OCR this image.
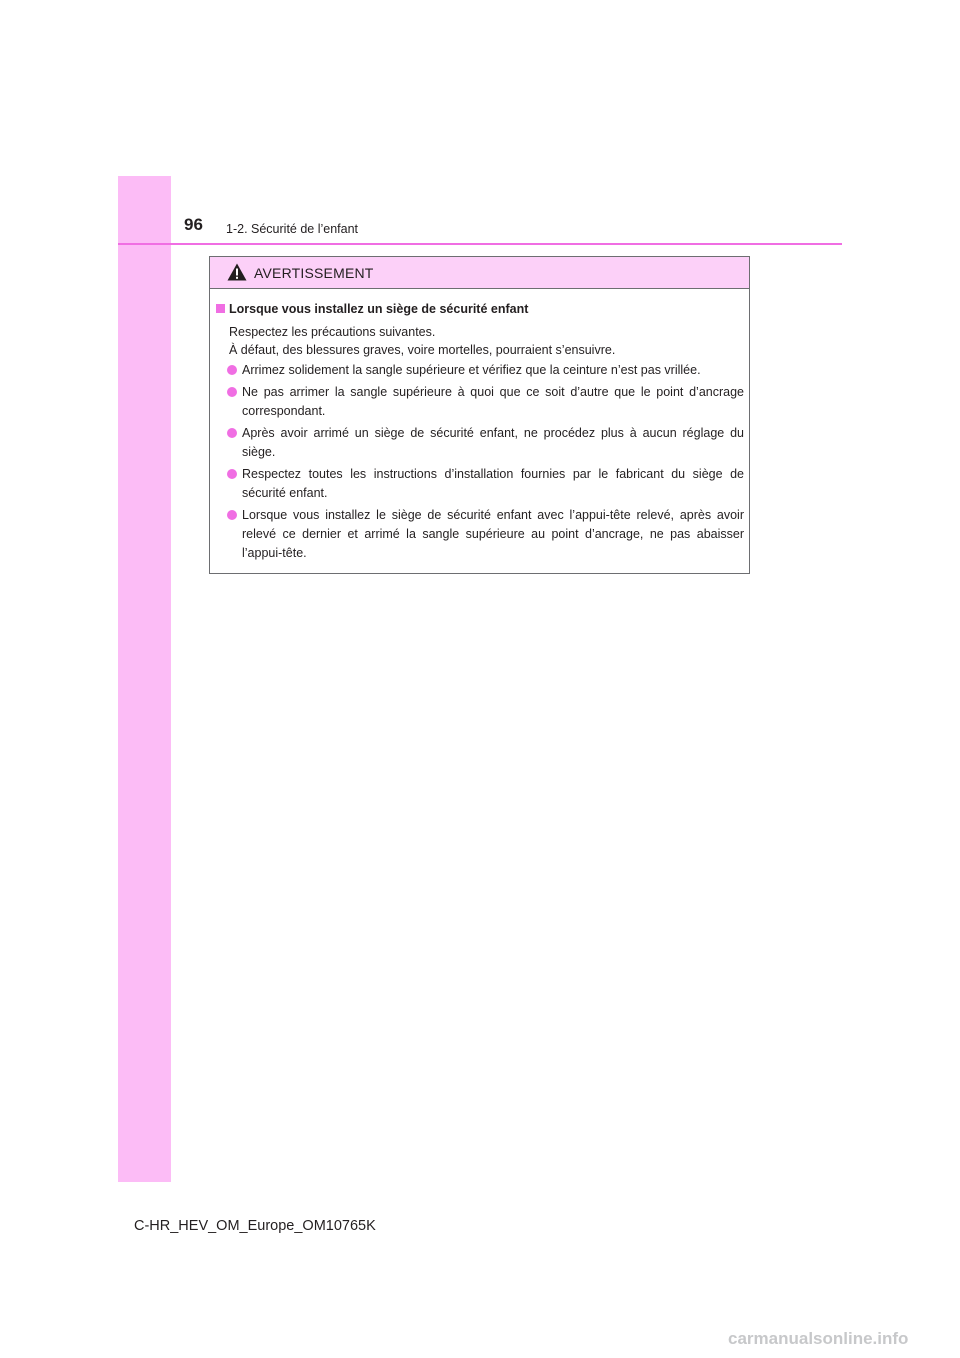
96 1-2. Sécurité de l’enfant
AVERTISSEMENT
Lorsque vous installez un siège de sécurité enfant
Respectez les précautions suivantes.
À défaut, des blessures graves, voire mortelles, pourraient s’ensuivre.
Arrimez solidement la sangle supérieure et vérifiez que la ceinture n’est pas vrillée.
Ne pas arrimer la sangle supérieure à quoi que ce soit d’autre que le point d’ancrage correspondant.
Après avoir arrimé un siège de sécurité enfant, ne procédez plus à aucun réglage du siège.
Respectez toutes les instructions d’installation fournies par le fabricant du siège de sécurité enfant.
Lorsque vous installez le siège de sécurité enfant avec l’appui-tête relevé, après avoir relevé ce dernier et arrimé la sangle supérieure au point d’ancrage, ne pas abaisser l’appui-tête.
C-HR_HEV_OM_Europe_OM10765K
carmanualsonline.info
